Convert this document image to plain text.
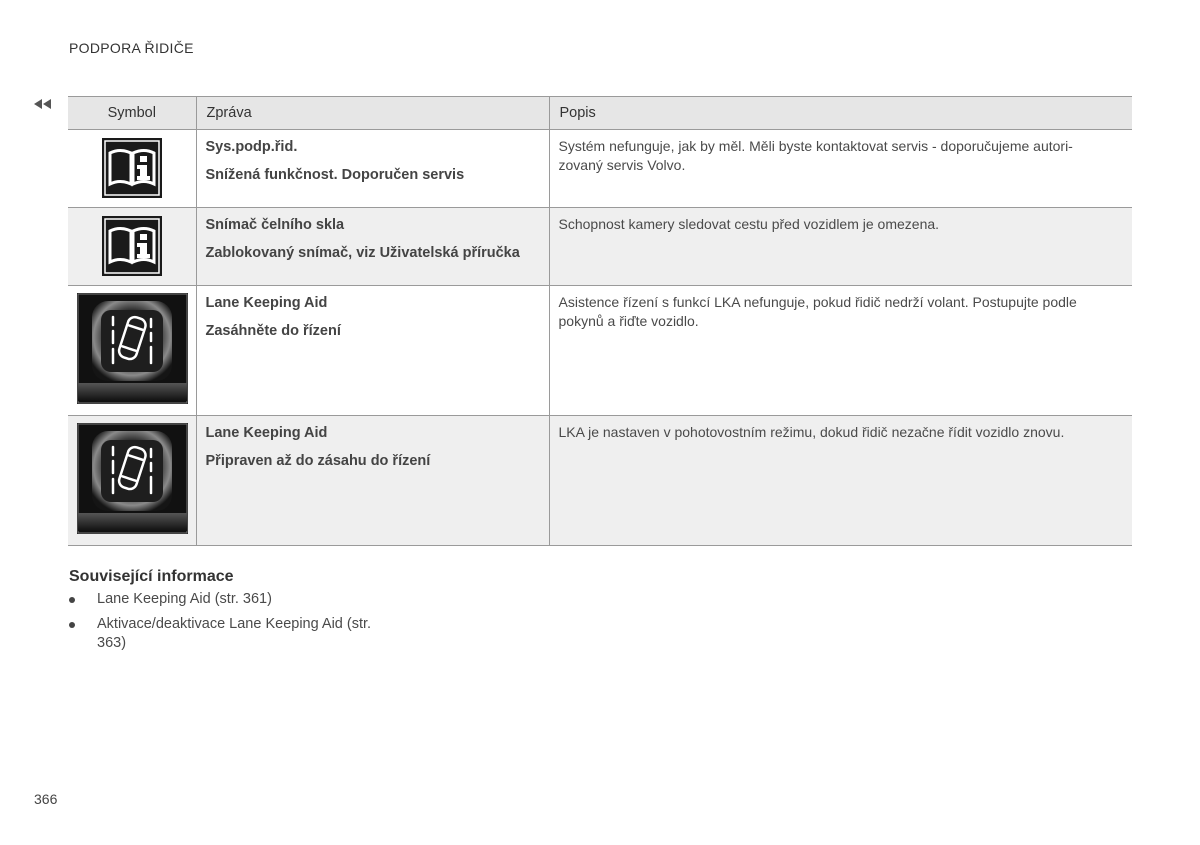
PODPORA ŘIDIČE
Symbol	Zpráva	Popis

Sys.podp.řid.
Snížená funkčnost. Doporučen servis	Systém nefunguje, jak by měl. Měli byste kontaktovat servis - doporučujeme autori-zovaný servis Volvo.

Snímač čelního skla
Zablokovaný snímač, viz Uživatelská příručka	Schopnost kamery sledovat cestu před vozidlem je omezena.

Lane Keeping Aid
Zasáhněte do řízení	Asistence řízení s funkcí LKA nefunguje, pokud řidič nedrží volant. Postupujte podle pokynů a řiďte vozidlo.

Lane Keeping Aid
Připraven až do zásahu do řízení	LKA je nastaven v pohotovostním režimu, dokud řidič nezačne řídit vozidlo znovu.
Související informace
Lane Keeping Aid (str. 361)
Aktivace/deaktivace Lane Keeping Aid (str. 363)
366
